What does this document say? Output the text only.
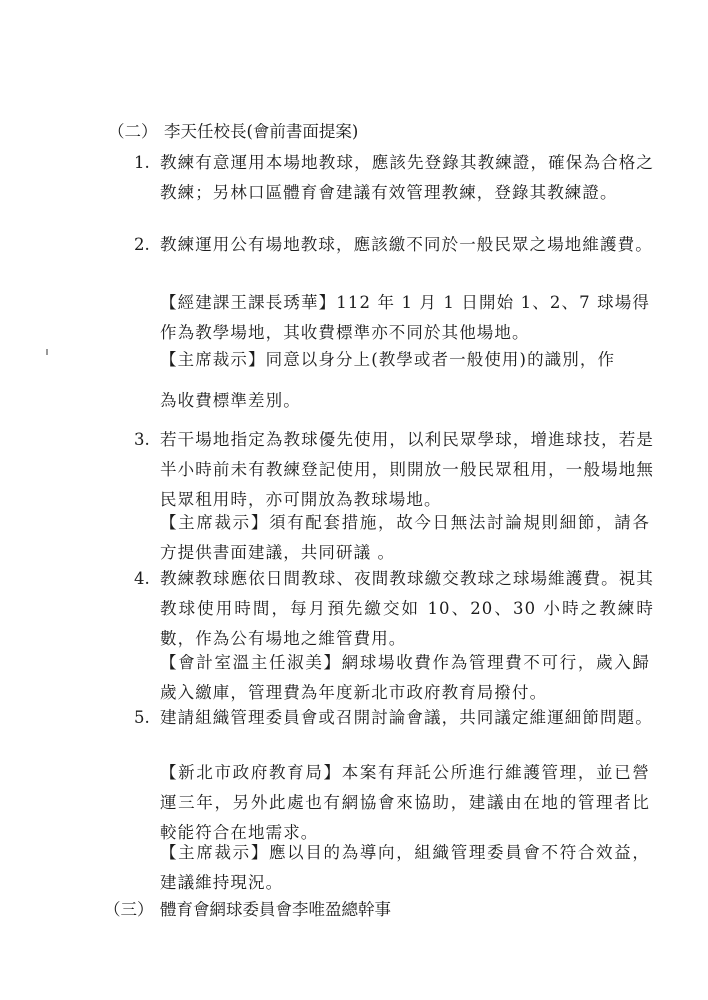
（二） 李天任校長(會前書面提案)
1. 教練有意運用本場地教球，應該先登錄其教練證，確保為合格之教練；另林口區體育會建議有效管理教練，登錄其教練證。
2. 教練運用公有場地教球，應該繳不同於一般民眾之場地維護費。
【經建課王課長琇華】112 年 1 月 1 日開始 1、2、7 球場得作為教學場地，其收費標準亦不同於其他場地。
【主席裁示】同意以身分上(教學或者一般使用)的識別，作
為收費標準差別。
3. 若干場地指定為教球優先使用，以利民眾學球，增進球技，若是半小時前未有教練登記使用，則開放一般民眾租用，一般場地無民眾租用時，亦可開放為教球場地。
【主席裁示】須有配套措施，故今日無法討論規則細節，請各方提供書面建議，共同研議 。
4. 教練教球應依日間教球、夜間教球繳交教球之球場維護費。視其教球使用時間，每月預先繳交如 10、20、30 小時之教練時數，作為公有場地之維管費用。
【會計室溫主任淑美】網球場收費作為管理費不可行，歲入歸歲入繳庫，管理費為年度新北市政府教育局撥付。
5. 建請組織管理委員會或召開討論會議，共同議定維運細節問題。
【新北市政府教育局】本案有拜託公所進行維護管理，並已營運三年，另外此處也有網協會來協助，建議由在地的管理者比較能符合在地需求。
【主席裁示】應以目的為導向，組織管理委員會不符合效益，建議維持現況。
（三） 體育會網球委員會李唯盈總幹事
